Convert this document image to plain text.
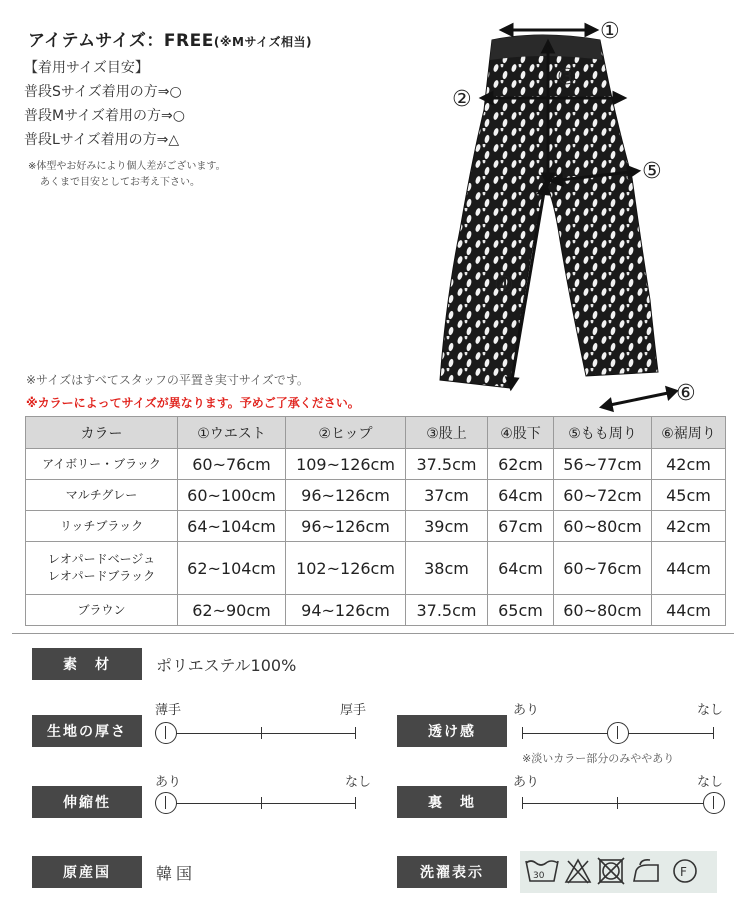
アイテムサイズ：FREE(※Mサイズ相当)
【着用サイズ目安】
普段Sサイズ着用の方⇒○
普段Mサイズ着用の方⇒○
普段Lサイズ着用の方⇒△
※体型やお好みにより個人差がございます。
あくまで目安としてお考え下さい。
①
②
③
④
⑤
⑥
※サイズはすべてスタッフの平置き実寸サイズです。
※カラーによってサイズが異なります。予めご了承ください。
カラー	①ウエスト	②ヒップ	③股上	④股下	⑤もも周り	⑥裾周り
アイボリー・ブラック	60~76cm	109~126cm	37.5cm	62cm	56~77cm	42cm
マルチグレー	60~100cm	96~126cm	37cm	64cm	60~72cm	45cm
リッチブラック	64~104cm	96~126cm	39cm	67cm	60~80cm	42cm

レオパードベージュ
レオパードブラック	62~104cm	102~126cm	38cm	64cm	60~76cm	44cm
ブラウン	62~90cm	94~126cm	37.5cm	65cm	60~80cm	44cm
素　材	ポリエステル100%
生地の厚さ
薄手	厚手
透け感
あり	なし
※淡いカラー部分のみややあり
伸縮性
あり	なし
裏　地
あり	なし
原産国	韓国	洗濯表示	30	F
